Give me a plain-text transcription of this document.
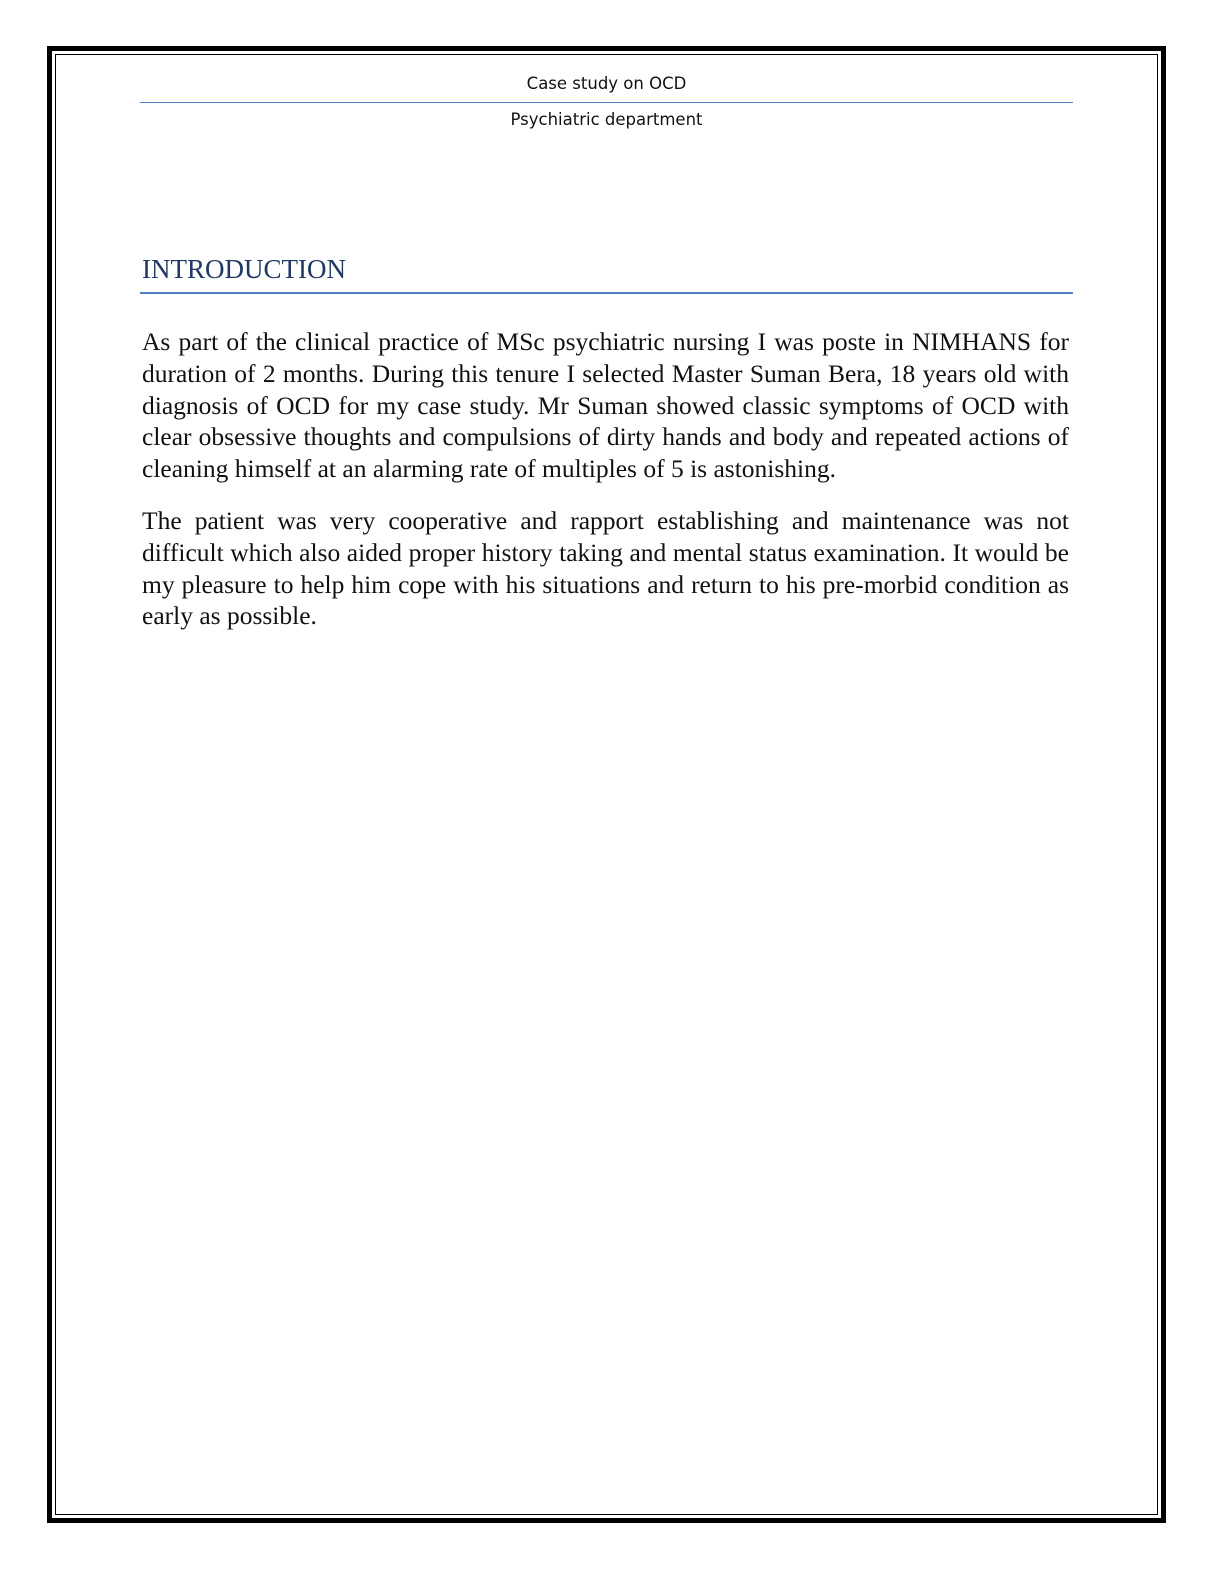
Case study on OCD
Psychiatric department
INTRODUCTION

As part of the clinical practice of MSc psychiatric nursing I was poste in NIMHANS for duration of 2 months. During this tenure I selected Master Suman Bera, 18 years old with diagnosis of OCD for my case study. Mr Suman showed classic symptoms of OCD with clear obsessive thoughts and compulsions of dirty hands and body and repeated actions of cleaning himself at an alarming rate of multiples of 5 is astonishing.

The patient was very cooperative and rapport establishing and maintenance was not difficult which also aided proper history taking and mental status examination. It would be my pleasure to help him cope with his situations and return to his pre-morbid condition as early as possible.
